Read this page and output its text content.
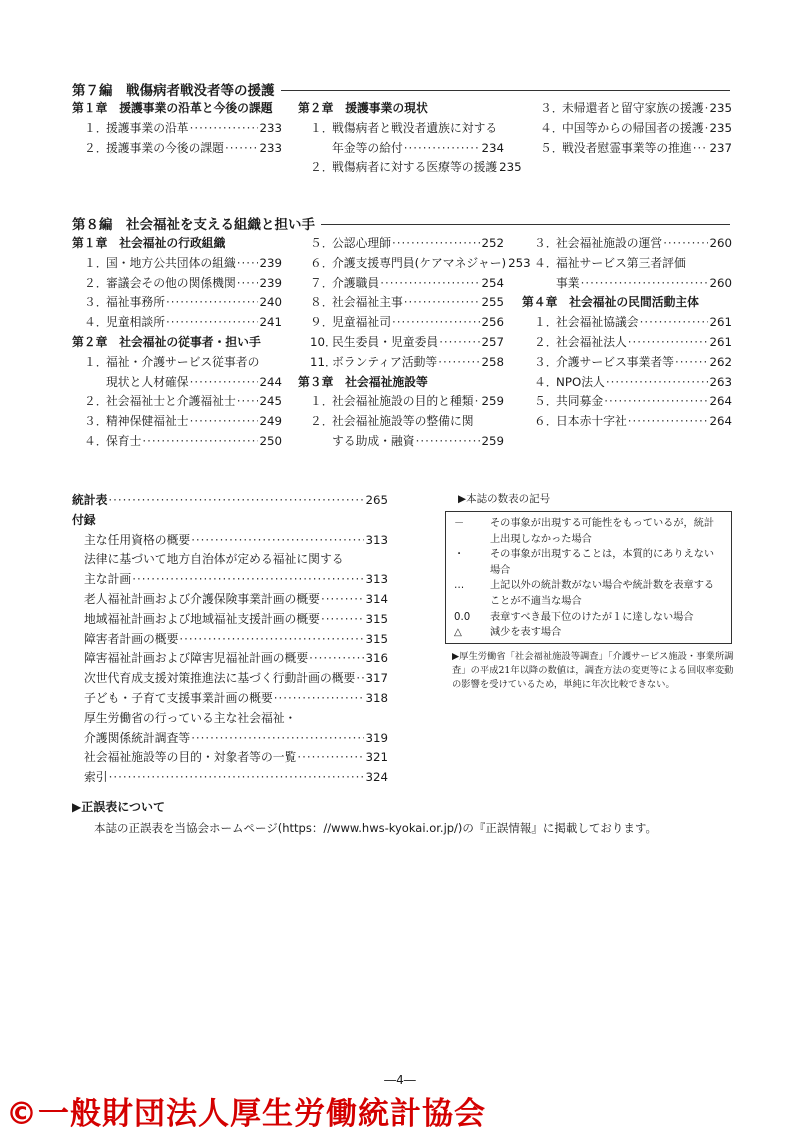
第７編　戦傷病者戦没者等の援護
第１章　援護事業の沿革と今後の課題
１．
援護事業の沿革 ·····	233
２．
援護事業の今後の課題 ·····	233
第２章　援護事業の現状
１．
戦傷病者と戦没者遺族に対する
年金等の給付 ·····	234
２．
戦傷病者に対する医療等の援護 235
３．
未帰還者と留守家族の援護 ····· 235
４．
中国等からの帰国者の援護 ····· 235
５．
戦没者慰霊事業等の推進 ····· 237
第８編　社会福祉を支える組織と担い手
第１章　社会福祉の行政組織
１．
国・地方公共団体の組織 ····· 239
２．
審議会その他の関係機関 ····· 239
３．
福祉事務所 ·····	240
４．
児童相談所 ·····	241
第２章　社会福祉の従事者・担い手
１．
福祉・介護サービス従事者の
現状と人材確保 ·····	244
２．
社会福祉士と介護福祉士 ····· 245
３．
精神保健福祉士 ·····	249
４．
保育士 ·····	250
５．
公認心理師 ·····	252
６．
介護支援専門員(ケアマネジャー) 253
７．
介護職員 ·····	254
８．
社会福祉主事 ·····	255
９．
児童福祉司 ·····	256
10．
民生委員・児童委員 ·····	257
11．
ボランティア活動等 ·····	258
第３章　社会福祉施設等
１．
社会福祉施設の目的と種類 ····· 259
２．
社会福祉施設等の整備に関
する助成・融資 ·····	259
３．
社会福祉施設の運営 ·····	260
４．
福祉サービス第三者評価
事業 ·····	260
第４章　社会福祉の民間活動主体
１．
社会福祉協議会 ·····	261
２．
社会福祉法人 ·····	261
３．
介護サービス事業者等 ·····	262
４．
NPO法人 ·····	263
５．
共同募金 ·····	264
６．
日本赤十字社 ·····	264
統計表 ·····	265
付録
主な任用資格の概要 ·····	313
法律に基づいて地方自治体が定める福祉に関する
主な計画 ·····	313
老人福祉計画および介護保険事業計画の概要 ·····	314
地域福祉計画および地域福祉支援計画の概要 ·····	315
障害者計画の概要 ·····	315
障害福祉計画および障害児福祉計画の概要 ·····	316
次世代育成支援対策推進法に基づく行動計画の概要 ····· 317
子ども・子育て支援事業計画の概要 ·····	318
厚生労働省の行っている主な社会福祉・
介護関係統計調査等 ·····	319
社会福祉施設等の目的・対象者等の一覧 ·····	321
索引 ·····	324
▶本誌の数表の記号
－	その事象が出現する可能性をもっているが，統計上出現しなかった場合
・	その事象が出現することは，本質的にありえない場合
…	上記以外の統計数がない場合や統計数を表章することが不適当な場合
0.0	表章すべき最下位のけたが１に達しない場合
△	減少を表す場合
▶厚生労働省「社会福祉施設等調査」「介護サービス施設・事業所調査」の平成21年以降の数値は，調査方法の変更等による回収率変動の影響を受けているため，単純に年次比較できない。
▶正誤表について
本誌の正誤表を当協会ホームページ(https：//www.hws-kyokai.or.jp/)の『正誤情報』に掲載しております。
―4―
©一般財団法人厚生労働統計協会
